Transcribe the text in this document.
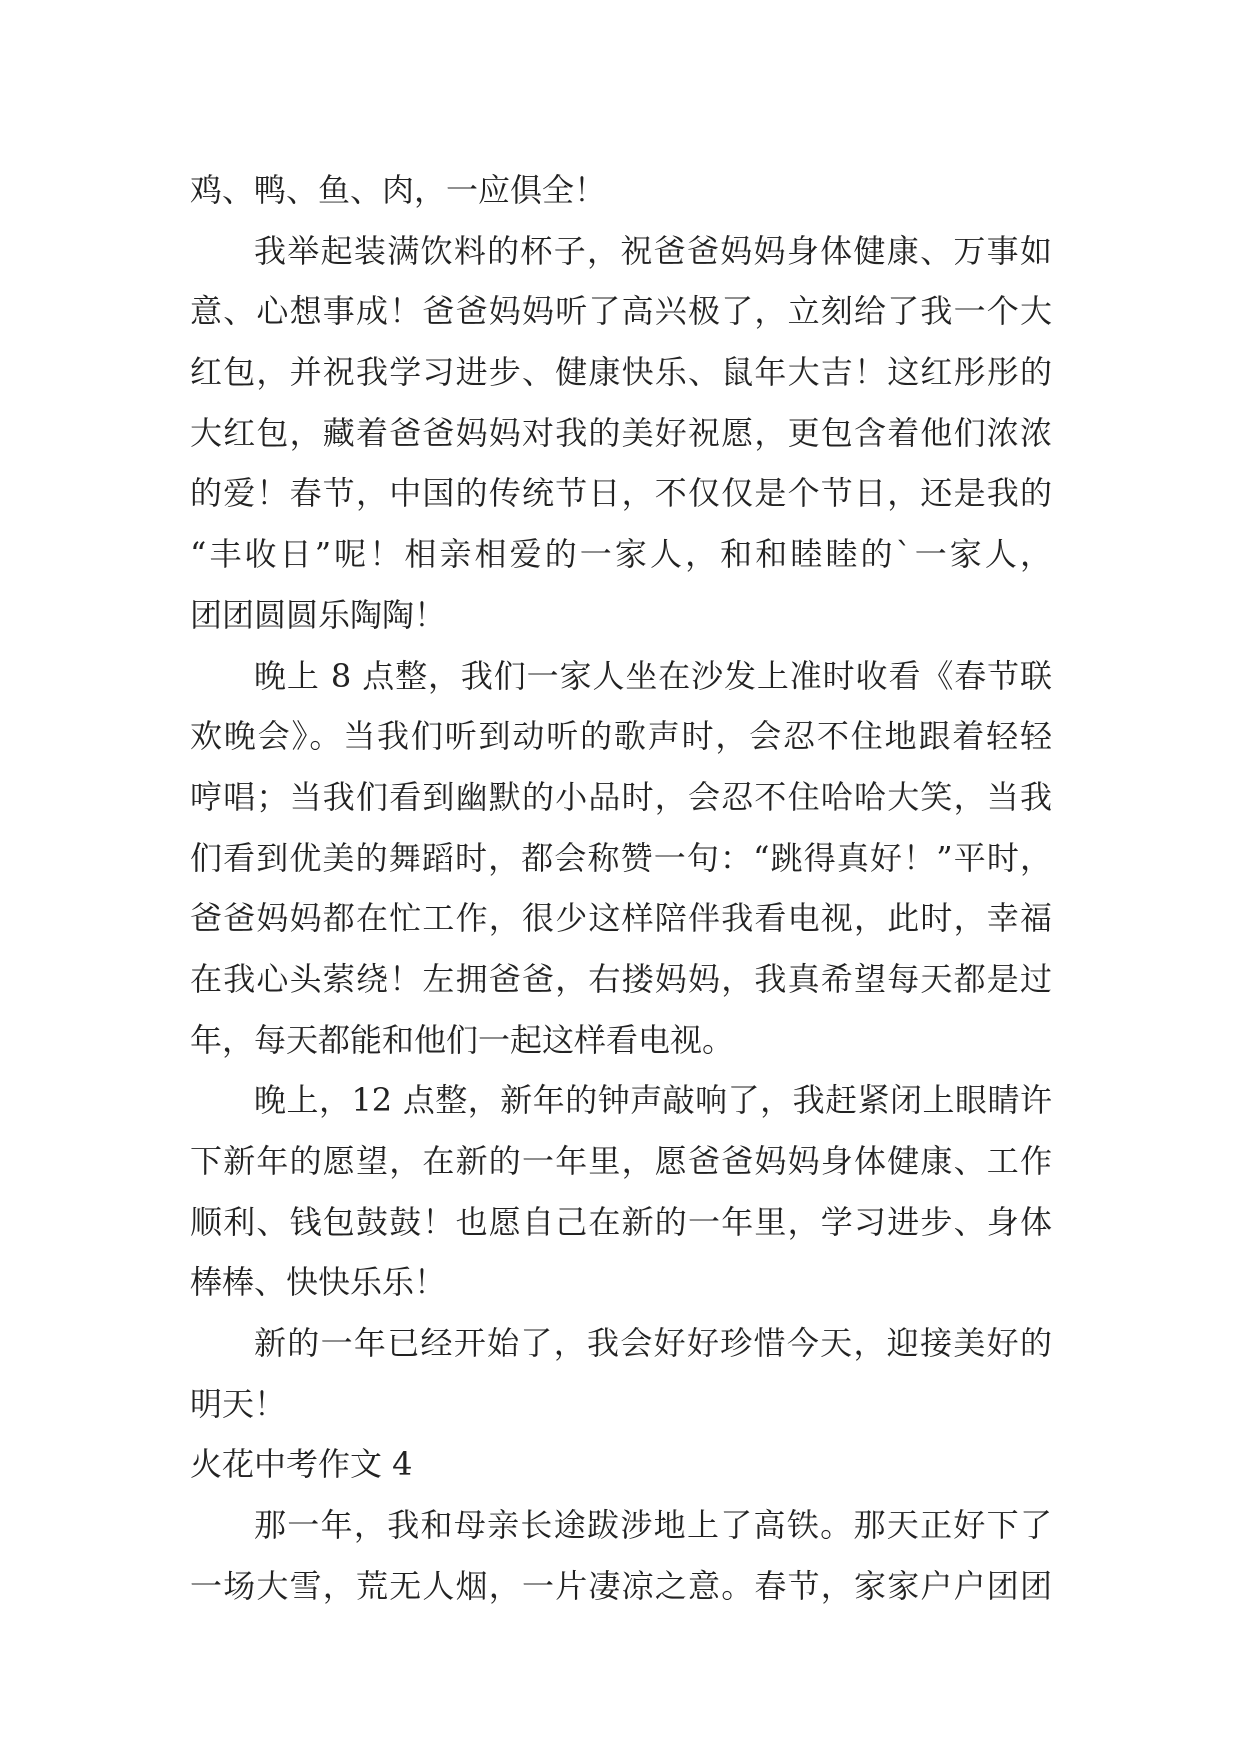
鸡、鸭、鱼、肉，一应俱全！
我举起装满饮料的杯子，祝爸爸妈妈身体健康、万事如
意、心想事成！爸爸妈妈听了高兴极了，立刻给了我一个大
红包，并祝我学习进步、健康快乐、鼠年大吉！这红彤彤的
大红包，藏着爸爸妈妈对我的美好祝愿，更包含着他们浓浓
的爱！春节，中国的传统节日，不仅仅是个节日，还是我的
“丰收日”呢！相亲相爱的一家人，和和睦睦的`一家人，
团团圆圆乐陶陶！
晚上 8 点整，我们一家人坐在沙发上准时收看《春节联
欢晚会》。当我们听到动听的歌声时，会忍不住地跟着轻轻
哼唱；当我们看到幽默的小品时，会忍不住哈哈大笑，当我
们看到优美的舞蹈时，都会称赞一句：“跳得真好！”平时，
爸爸妈妈都在忙工作，很少这样陪伴我看电视，此时，幸福
在我心头萦绕！左拥爸爸，右搂妈妈，我真希望每天都是过
年，每天都能和他们一起这样看电视。
晚上，12 点整，新年的钟声敲响了，我赶紧闭上眼睛许
下新年的愿望，在新的一年里，愿爸爸妈妈身体健康、工作
顺利、钱包鼓鼓！也愿自己在新的一年里，学习进步、身体
棒棒、快快乐乐！
新的一年已经开始了，我会好好珍惜今天，迎接美好的
明天！
火花中考作文 4
那一年，我和母亲长途跋涉地上了高铁。那天正好下了
一场大雪，荒无人烟，一片凄凉之意。春节，家家户户团团
